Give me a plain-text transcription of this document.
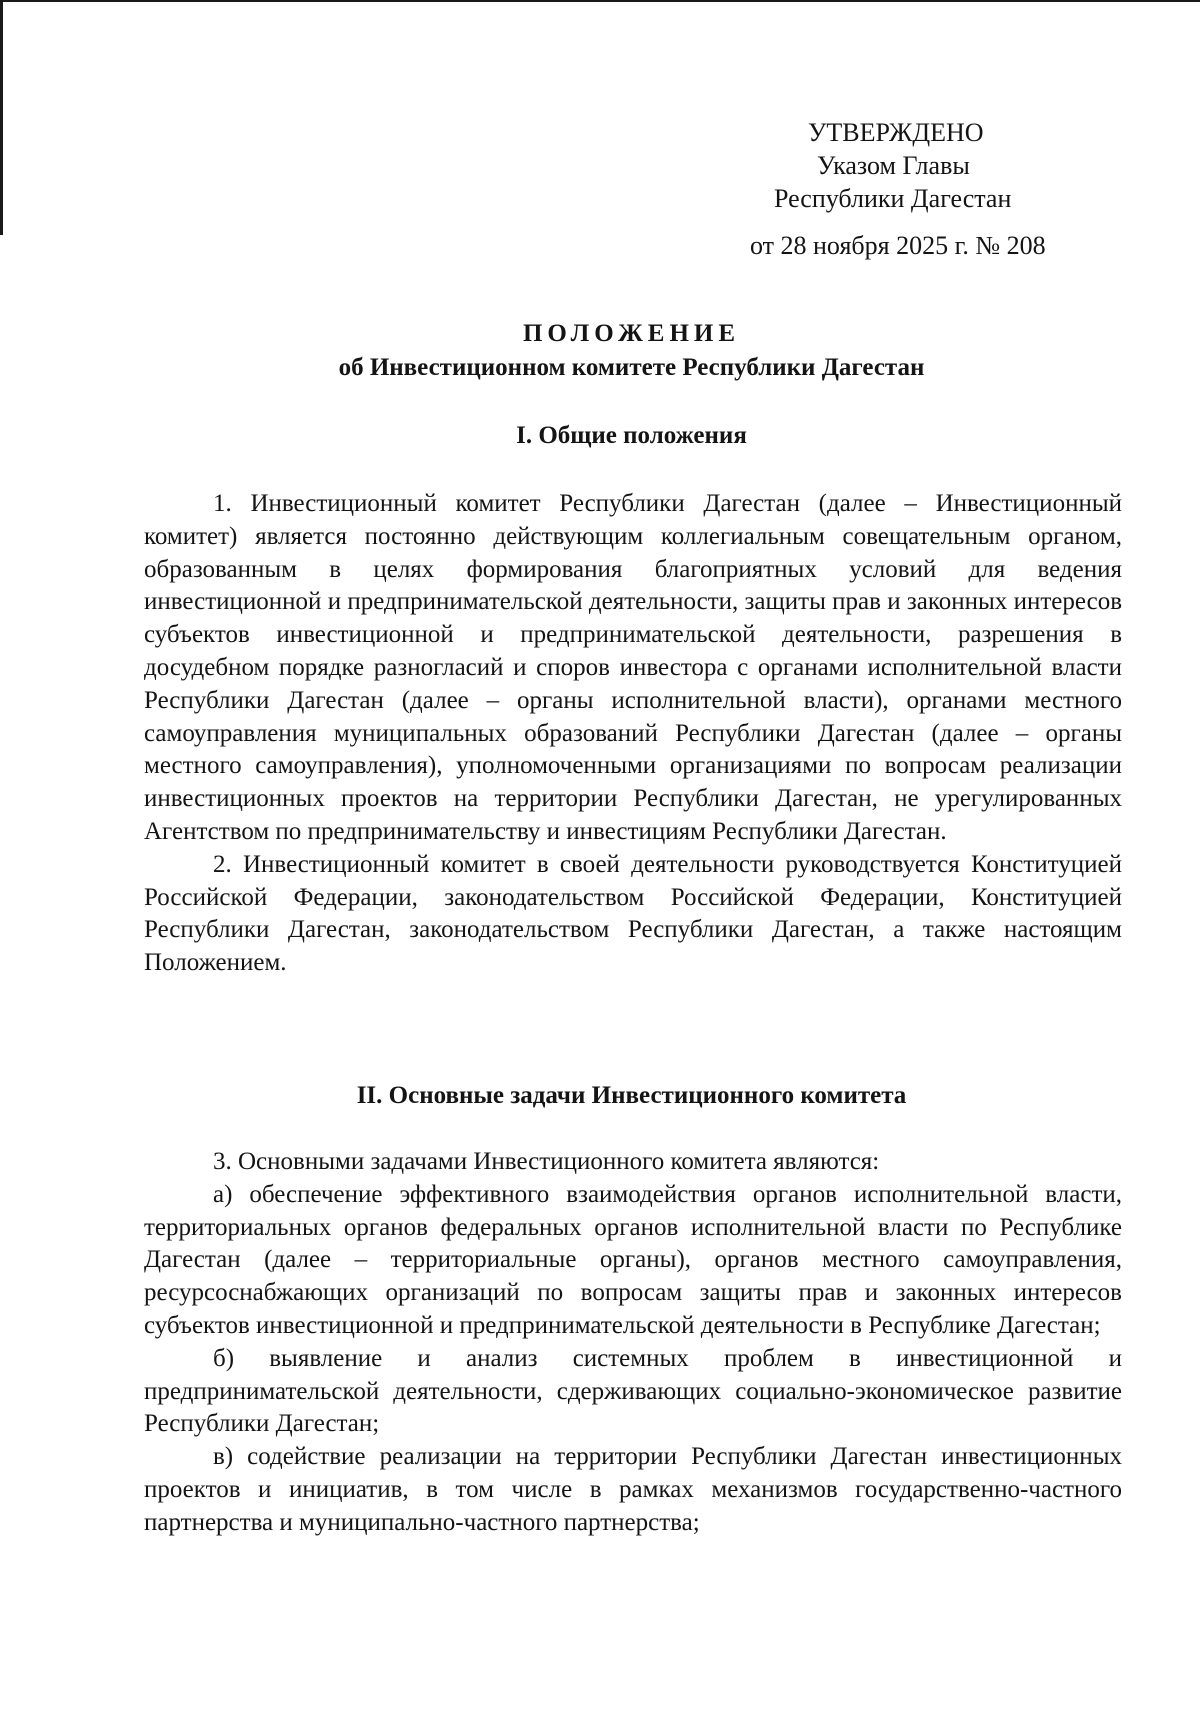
УТВЕРЖДЕНО
Указом Главы
Республики Дагестан
от 28 ноября 2025 г. № 208
ПОЛОЖЕНИЕ
об Инвестиционном комитете Республики Дагестан
I. Общие положения

1. Инвестиционный комитет Республики Дагестан (далее – Инвестиционный комитет) является постоянно действующим коллегиальным совещательным органом, образованным в целях формирования благоприятных условий для ведения инвестиционной и предпринимательской деятельности, защиты прав и законных интересов субъектов инвестиционной и предпринимательской деятельности, разрешения в досудебном порядке разногласий и споров инвестора с органами исполнительной власти Республики Дагестан (далее – органы исполнительной власти), органами местного самоуправления муниципальных образований Республики Дагестан (далее – органы местного самоуправления), уполномоченными организациями по вопросам реализации инвестиционных проектов на территории Республики Дагестан, не урегулированных Агентством по предпринимательству и инвестициям Республики Дагестан.

2. Инвестиционный комитет в своей деятельности руководствуется Конституцией Российской Федерации, законодательством Российской Федерации, Конституцией Республики Дагестан, законодательством Республики Дагестан, а также настоящим Положением.

II. Основные задачи Инвестиционного комитета

3. Основными задачами Инвестиционного комитета являются:

а) обеспечение эффективного взаимодействия органов исполнительной власти, территориальных органов федеральных органов исполнительной власти по Республике Дагестан (далее – территориальные органы), органов местного самоуправления, ресурсоснабжающих организаций по вопросам защиты прав и законных интересов субъектов инвестиционной и предпринимательской деятельности в Республике Дагестан;

б) выявление и анализ системных проблем в инвестиционной и предпринимательской деятельности, сдерживающих социально-экономическое развитие Республики Дагестан;

в) содействие реализации на территории Республики Дагестан инвестиционных проектов и инициатив, в том числе в рамках механизмов государственно-частного партнерства и муниципально-частного партнерства;
